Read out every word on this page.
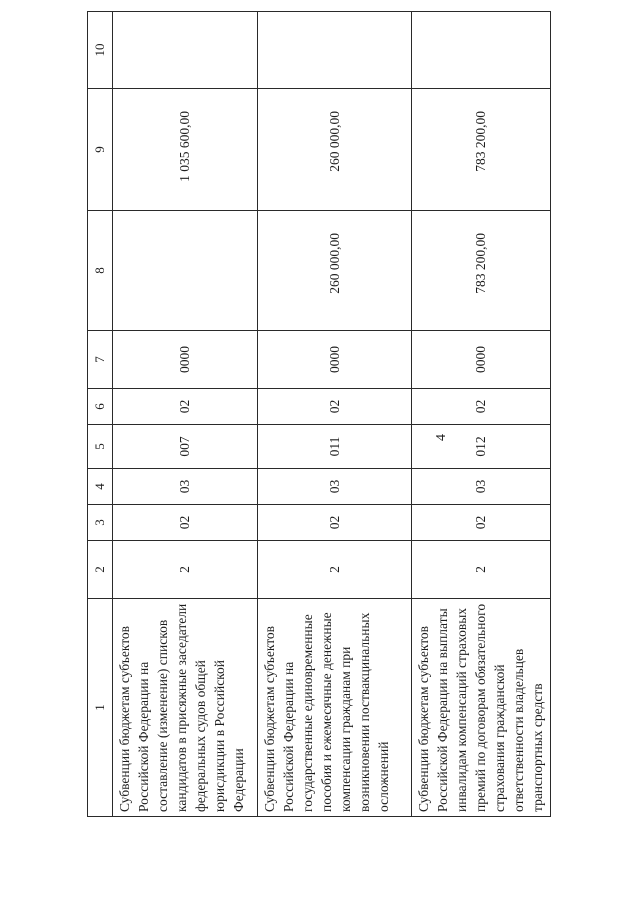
4
1	2	3	4	5	6	7	8	9	10
Субвенции бюджетам субъектов Российской Федерации на составление (изменение) списков кандидатов в присяжные заседатели федеральных судов общей юрисдикции в Российской Федерации	2	02	03	007	02	0000		1 035 600,00	
Субвенции бюджетам субъектов Российской Федерации на государственные единовременные пособия и ежемесячные денежные компенсации гражданам при возникновении поствакцинальных осложнений	2	02	03	011	02	0000	260 000,00	260 000,00	
Субвенции бюджетам субъектов Российской Федерации на выплаты инвалидам компенсаций страховых премий по договорам обязательного страхования гражданской ответственности владельцев транспортных средств	2	02	03	012	02	0000	783 200,00	783 200,00	
